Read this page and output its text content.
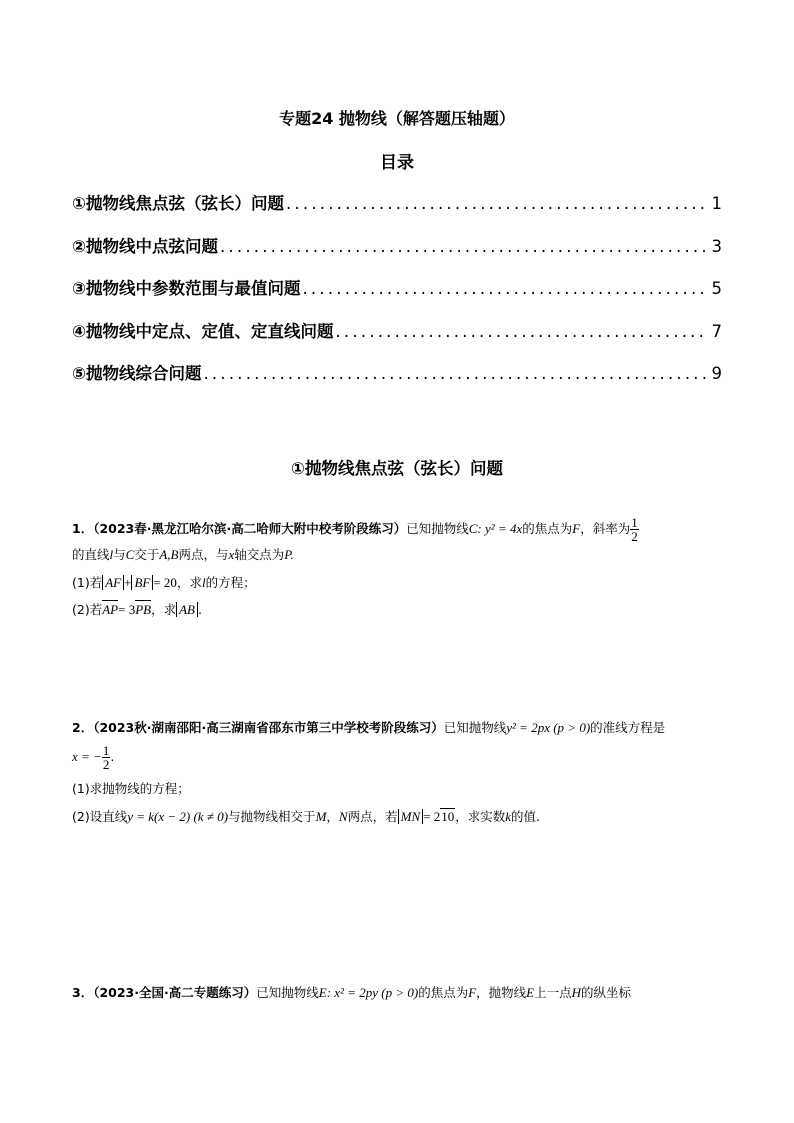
专题24 抛物线（解答题压轴题）
目录
①抛物线焦点弦（弦长）问题 .....	1
②抛物线中点弦问题 .....	3
③抛物线中参数范围与最值问题 .....	5
④抛物线中定点、定值、定直线问题 .....	7
⑤抛物线综合问题 .....	9
①抛物线焦点弦（弦长）问题
1．（2023春·黑龙江哈尔滨·高二哈师大附中校考阶段练习）已知抛物线C: y² = 4x的焦点为F，斜率为 $\frac{1}{2}$
的直线l与C交于A,B两点，与x轴交点为P.
(1)若 AF + BF = 20，求l的方程；
(2)若AP= 3PB，求 AB .
2．（2023秋·湖南邵阳·高三湖南省邵东市第三中学校考阶段练习）已知抛物线y² = 2px (p > 0)的准线方程是
x = − $\frac{1}{2}$ .
(1)求抛物线的方程；
(2)设直线y = k(x − 2) (k ≠ 0)与抛物线相交于M，N两点，若 MN = 210，求实数k的值.
3．（2023·全国·高二专题练习）已知抛物线E: x² = 2py (p > 0)的焦点为F，抛物线E上一点H的纵坐标
